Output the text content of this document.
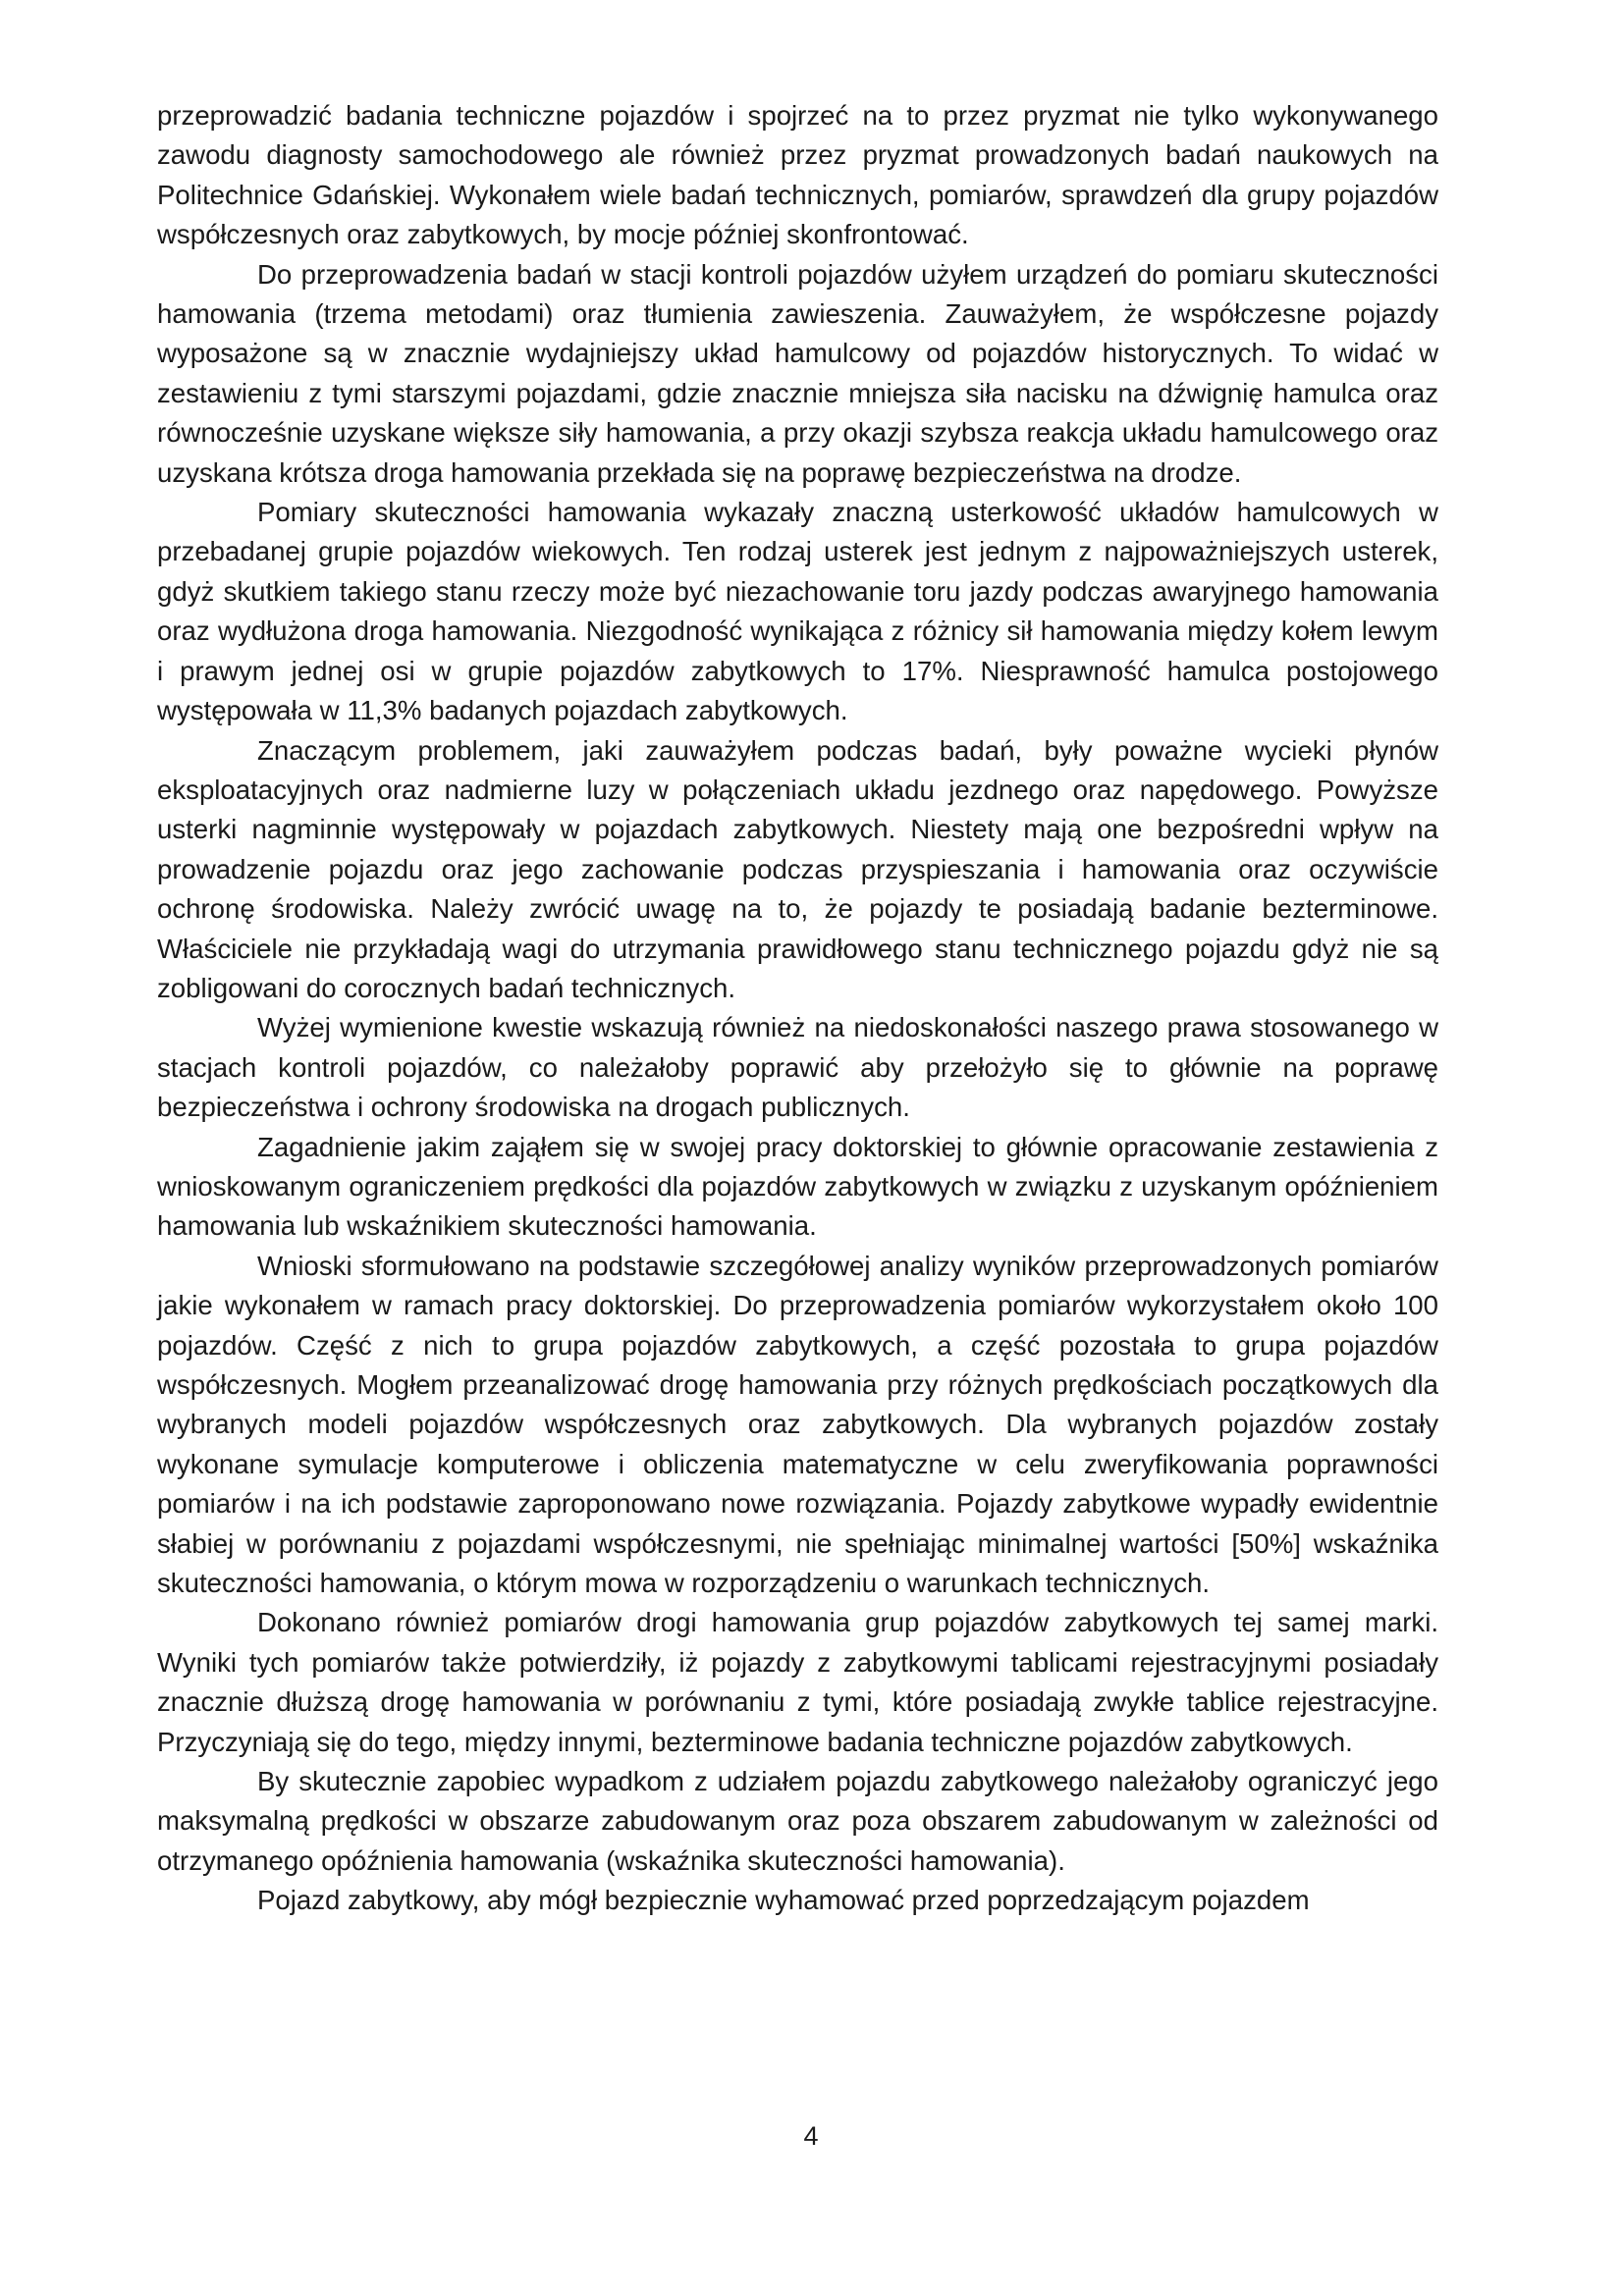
przeprowadzić badania techniczne pojazdów i spojrzeć na to przez pryzmat nie tylko wykonywanego zawodu diagnosty samochodowego ale również przez pryzmat prowadzonych badań naukowych na Politechnice Gdańskiej. Wykonałem wiele badań technicznych, pomiarów, sprawdzeń dla grupy pojazdów współczesnych oraz zabytkowych, by mocje później skonfrontować.

Do przeprowadzenia badań w stacji kontroli pojazdów użyłem urządzeń do pomiaru skuteczności hamowania (trzema metodami) oraz tłumienia zawieszenia. Zauważyłem, że współczesne pojazdy wyposażone są w znacznie wydajniejszy układ hamulcowy od pojazdów historycznych. To widać w zestawieniu z tymi starszymi pojazdami, gdzie znacznie mniejsza siła nacisku na dźwignię hamulca oraz równocześnie uzyskane większe siły hamowania, a przy okazji szybsza reakcja układu hamulcowego oraz uzyskana krótsza droga hamowania przekłada się na poprawę bezpieczeństwa na drodze.

Pomiary skuteczności hamowania wykazały znaczną usterkowość układów hamulcowych w przebadanej grupie pojazdów wiekowych. Ten rodzaj usterek jest jednym z najpoważniejszych usterek, gdyż skutkiem takiego stanu rzeczy może być niezachowanie toru jazdy podczas awaryjnego hamowania oraz wydłużona droga hamowania. Niezgodność wynikająca z różnicy sił hamowania między kołem lewym i prawym jednej osi w grupie pojazdów zabytkowych to 17%. Niesprawność hamulca postojowego występowała w 11,3% badanych pojazdach zabytkowych.

Znaczącym problemem, jaki zauważyłem podczas badań, były poważne wycieki płynów eksploatacyjnych oraz nadmierne luzy w połączeniach układu jezdnego oraz napędowego. Powyższe usterki nagminnie występowały w pojazdach zabytkowych. Niestety mają one bezpośredni wpływ na prowadzenie pojazdu oraz jego zachowanie podczas przyspieszania i hamowania oraz oczywiście ochronę środowiska. Należy zwrócić uwagę na to, że pojazdy te posiadają badanie bezterminowe. Właściciele nie przykładają wagi do utrzymania prawidłowego stanu technicznego pojazdu gdyż nie są zobligowani do corocznych badań technicznych.

Wyżej wymienione kwestie wskazują również na niedoskonałości naszego prawa stosowanego w stacjach kontroli pojazdów, co należałoby poprawić aby przełożyło się to głównie na poprawę bezpieczeństwa i ochrony środowiska na drogach publicznych.

Zagadnienie jakim zająłem się w swojej pracy doktorskiej to głównie opracowanie zestawienia z wnioskowanym ograniczeniem prędkości dla pojazdów zabytkowych w związku z uzyskanym opóźnieniem hamowania lub wskaźnikiem skuteczności hamowania.

Wnioski sformułowano na podstawie szczegółowej analizy wyników przeprowadzonych pomiarów jakie wykonałem w ramach pracy doktorskiej. Do przeprowadzenia pomiarów wykorzystałem około 100 pojazdów. Część z nich to grupa pojazdów zabytkowych, a część pozostała to grupa pojazdów współczesnych. Mogłem przeanalizować drogę hamowania przy różnych prędkościach początkowych dla wybranych modeli pojazdów współczesnych oraz zabytkowych. Dla wybranych pojazdów zostały wykonane symulacje komputerowe i obliczenia matematyczne w celu zweryfikowania poprawności pomiarów i na ich podstawie zaproponowano nowe rozwiązania. Pojazdy zabytkowe wypadły ewidentnie słabiej w porównaniu z pojazdami współczesnymi, nie spełniając minimalnej wartości [50%] wskaźnika skuteczności hamowania, o którym mowa w rozporządzeniu o warunkach technicznych.

Dokonano również pomiarów drogi hamowania grup pojazdów zabytkowych tej samej marki. Wyniki tych pomiarów także potwierdziły, iż pojazdy z zabytkowymi tablicami rejestracyjnymi posiadały znacznie dłuższą drogę hamowania w porównaniu z tymi, które posiadają zwykłe tablice rejestracyjne. Przyczyniają się do tego, między innymi, bezterminowe badania techniczne pojazdów zabytkowych.

By skutecznie zapobiec wypadkom z udziałem pojazdu zabytkowego należałoby ograniczyć jego maksymalną prędkości w obszarze zabudowanym oraz poza obszarem zabudowanym w zależności od otrzymanego opóźnienia hamowania (wskaźnika skuteczności hamowania).

Pojazd zabytkowy, aby mógł bezpiecznie wyhamować przed poprzedzającym pojazdem

4
